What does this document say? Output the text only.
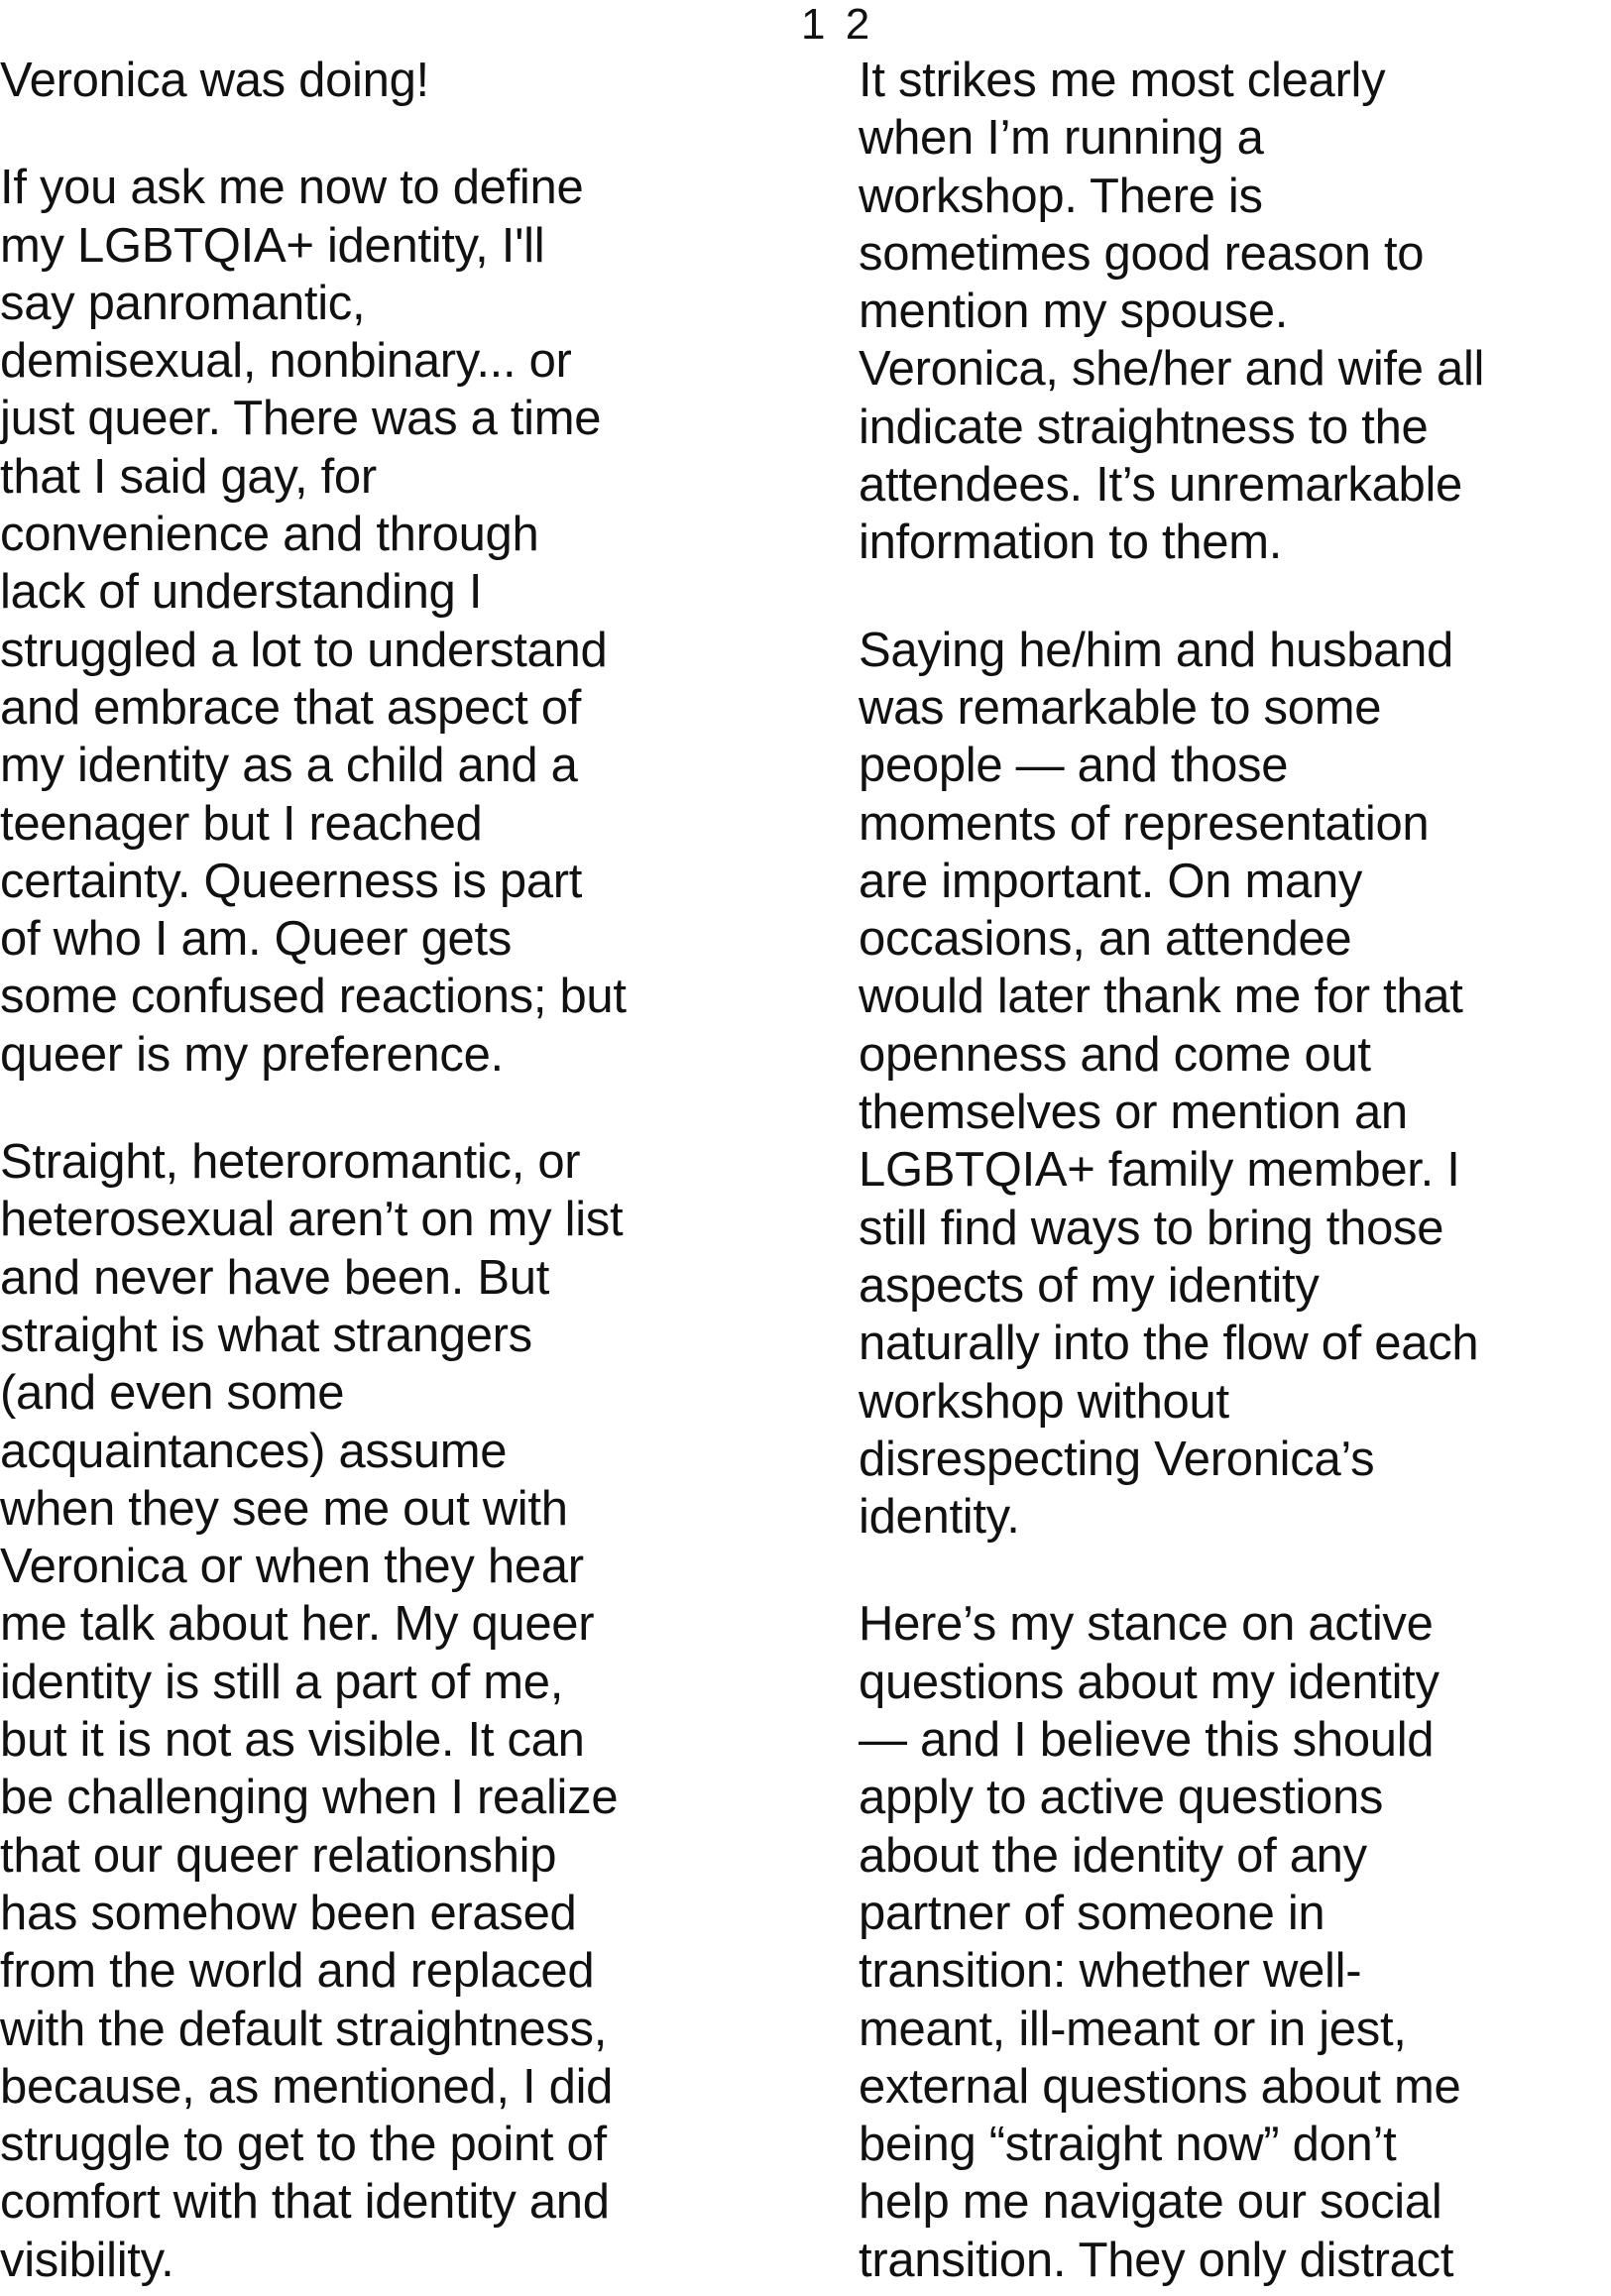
1 2

Veronica was doing!

If you ask me now to define
my LGBTQIA+ identity, I'll
say panromantic,
demisexual, nonbinary... or
just queer. There was a time
that I said gay, for
convenience and through
lack of understanding I
struggled a lot to understand
and embrace that aspect of
my identity as a child and a
teenager but I reached
certainty. Queerness is part
of who I am. Queer gets
some confused reactions; but
queer is my preference.

Straight, heteroromantic, or
heterosexual aren’t on my list
and never have been. But
straight is what strangers
(and even some
acquaintances) assume
when they see me out with
Veronica or when they hear
me talk about her. My queer
identity is still a part of me,
but it is not as visible. It can
be challenging when I realize
that our queer relationship
has somehow been erased
from the world and replaced
with the default straightness,
because, as mentioned, I did
struggle to get to the point of
comfort with that identity and
visibility.

It strikes me most clearly
when I’m running a
workshop. There is
sometimes good reason to
mention my spouse.
Veronica, she/her and wife all
indicate straightness to the
attendees. It’s unremarkable
information to them.

Saying he/him and husband
was remarkable to some
people — and those
moments of representation
are important. On many
occasions, an attendee
would later thank me for that
openness and come out
themselves or mention an
LGBTQIA+ family member. I
still find ways to bring those
aspects of my identity
naturally into the flow of each
workshop without
disrespecting Veronica’s
identity.

Here’s my stance on active
questions about my identity
— and I believe this should
apply to active questions
about the identity of any
partner of someone in
transition: whether well-
meant, ill-meant or in jest,
external questions about me
being “straight now” don’t
help me navigate our social
transition. They only distract
